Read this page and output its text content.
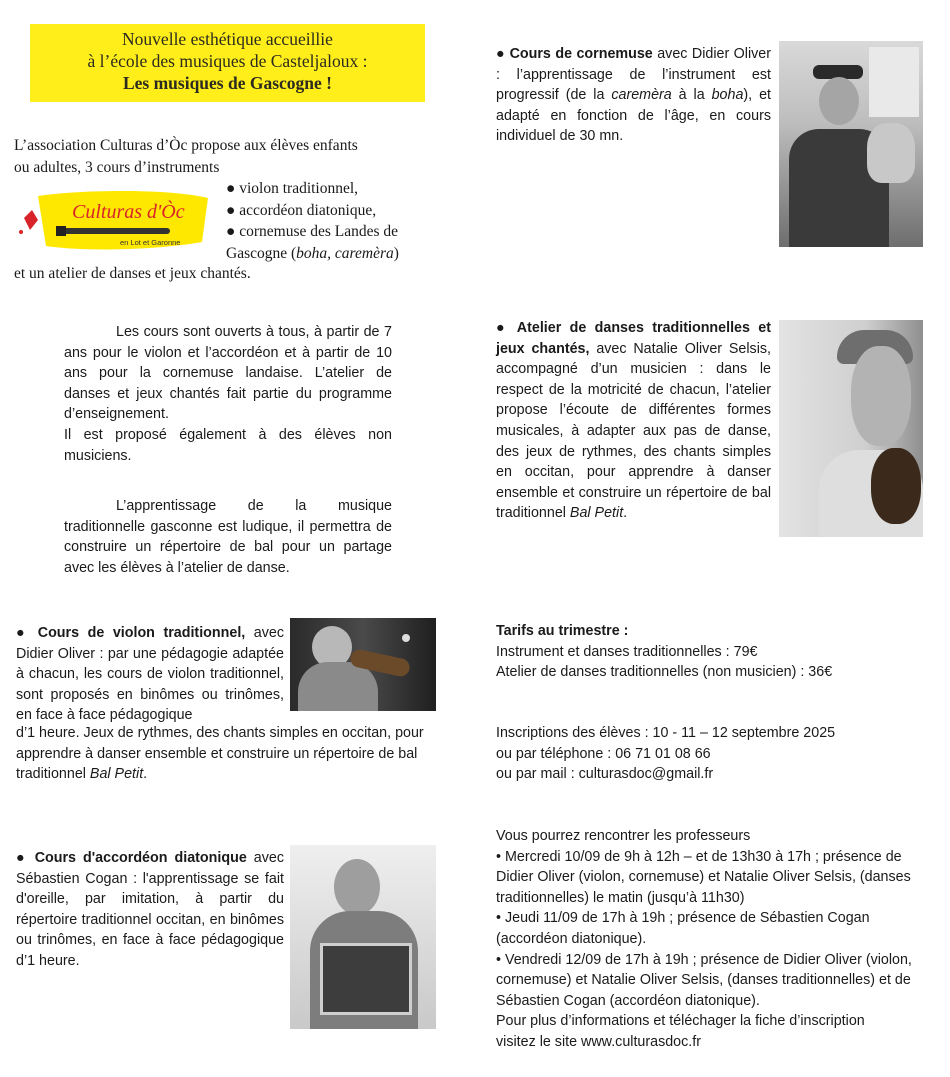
Nouvelle esthétique accueillie
à l’école des musiques de Casteljaloux :
Les musiques de Gascogne !
L’association Culturas d’Òc propose aux élèves enfants
ou adultes, 3 cours d’instruments
● violon traditionnel,
● accordéon diatonique,
● cornemuse des Landes de
Gascogne (boha, caremèra)
et un atelier de danses et jeux chantés.
Culturas d'Òc
en Lot et Garonne

Les cours sont ouverts à tous, à partir de 7 ans pour le violon et l’accordéon et à partir de 10 ans pour la cornemuse landaise. L’atelier de danses et jeux chantés fait partie du programme d’enseignement.

Il est proposé également à des élèves non musiciens.

L’apprentissage de la musique traditionnelle gasconne est ludique, il permettra de construire un répertoire de bal pour un partage avec les élèves à l’atelier de danse.

● Cours de violon traditionnel, avec Didier Oliver : par une pédagogie adaptée à chacun, les cours de violon traditionnel, sont proposés en binômes ou trinômes, en face à face pédagogique
d’1 heure. Jeux de rythmes, des chants simples en occitan, pour apprendre à danser ensemble et construire un répertoire de bal traditionnel Bal Petit.
● Cours d'accordéon diatonique avec Sébastien Cogan : l'apprentissage se fait d'oreille, par imitation, à partir du répertoire traditionnel occitan, en binômes ou trinômes, en face à face pédagogique d’1 heure.
● Cours de cornemuse avec Didier Oliver : l’apprentissage de l’instrument est progressif (de la caremèra à la boha), et adapté en fonction de l’âge, en cours individuel de 30 mn.
● Atelier de danses traditionnelles et jeux chantés, avec Natalie Oliver Selsis, accompagné d’un musicien : dans le respect de la motricité de chacun, l’atelier propose l’écoute de différentes formes musicales, à adapter aux pas de danse, des jeux de rythmes, des chants simples en occitan, pour apprendre à danser ensemble et construire un répertoire de bal traditionnel Bal Petit.
Tarifs au trimestre :
Instrument et danses traditionnelles : 79€
Atelier de danses traditionnelles (non musicien) : 36€
Inscriptions des élèves : 10 - 11 – 12 septembre 2025
ou par téléphone : 06 71 01 08 66
ou par mail : culturasdoc@gmail.fr
Vous pourrez rencontrer les professeurs
• Mercredi 10/09 de 9h à 12h – et de 13h30 à 17h ; présence de Didier Oliver (violon, cornemuse) et Natalie Oliver Selsis, (danses traditionnelles) le matin (jusqu’à 11h30)
• Jeudi 11/09 de 17h à 19h ; présence de Sébastien Cogan (accordéon diatonique).
• Vendredi 12/09 de 17h à 19h ; présence de Didier Oliver (violon, cornemuse) et Natalie Oliver Selsis, (danses traditionnelles) et de Sébastien Cogan (accordéon diatonique).
Pour plus d’informations et téléchager la fiche d’inscription
visitez le site www.culturasdoc.fr
